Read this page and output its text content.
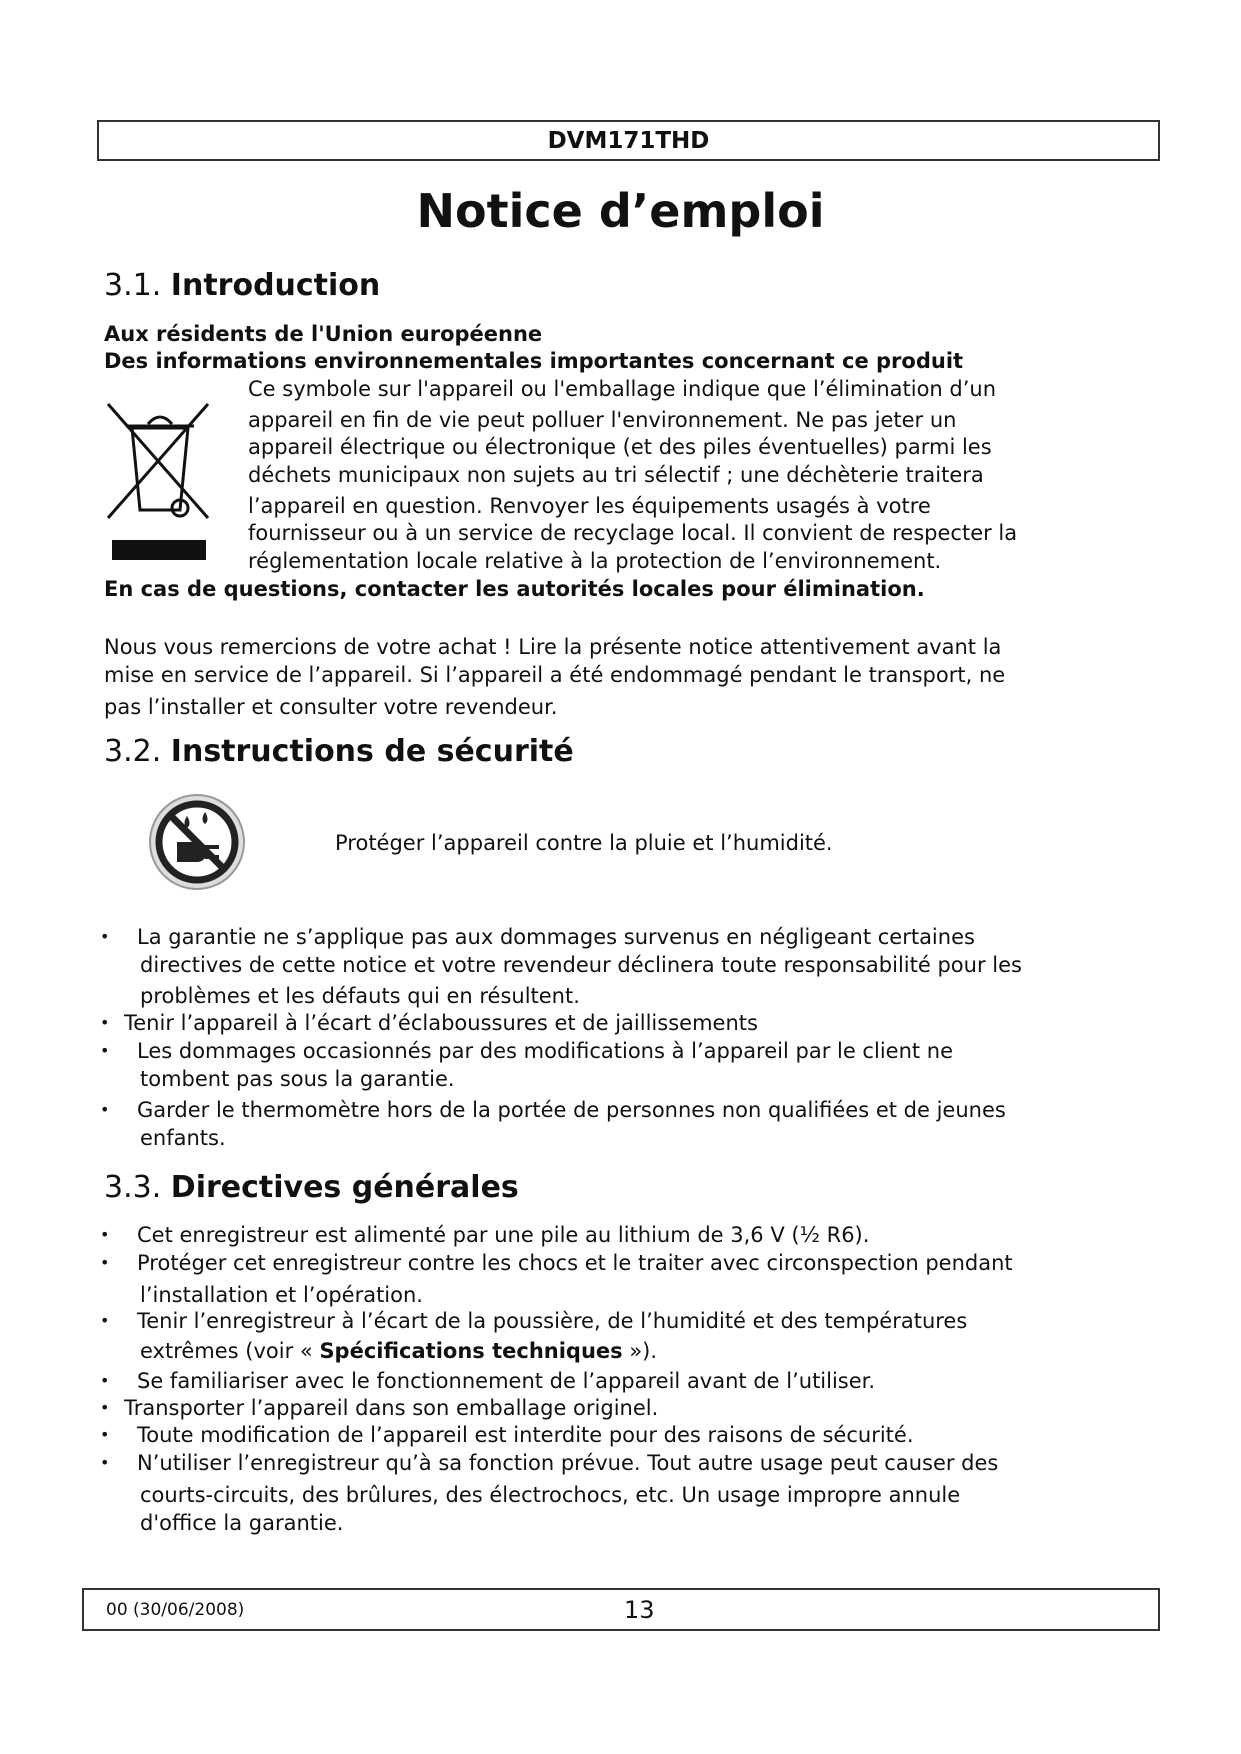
DVM171THD
Notice d’emploi
3.1. Introduction
Aux résidents de l'Union européenne
Des informations environnementales importantes concernant ce produit
Ce symbole sur l'appareil ou l'emballage indique que l’élimination d’un
appareil en fin de vie peut polluer l'environnement. Ne pas jeter un
appareil électrique ou électronique (et des piles éventuelles) parmi les
déchets municipaux non sujets au tri sélectif ; une déchèterie traitera
l’appareil en question. Renvoyer les équipements usagés à votre
fournisseur ou à un service de recyclage local. Il convient de respecter la
réglementation locale relative à la protection de l’environnement.
En cas de questions, contacter les autorités locales pour élimination.
Nous vous remercions de votre achat ! Lire la présente notice attentivement avant la
mise en service de l’appareil. Si l’appareil a été endommagé pendant le transport, ne
pas l’installer et consulter votre revendeur.
3.2. Instructions de sécurité
Protéger l’appareil contre la pluie et l’humidité.
• La garantie ne s’applique pas aux dommages survenus en négligeant certaines
directives de cette notice et votre revendeur déclinera toute responsabilité pour les
problèmes et les défauts qui en résultent.
• Tenir l’appareil à l’écart d’éclaboussures et de jaillissements
• Les dommages occasionnés par des modifications à l’appareil par le client ne
tombent pas sous la garantie.
• Garder le thermomètre hors de la portée de personnes non qualifiées et de jeunes
enfants.
3.3. Directives générales
• Cet enregistreur est alimenté par une pile au lithium de 3,6 V (½ R6).
• Protéger cet enregistreur contre les chocs et le traiter avec circonspection pendant
l’installation et l’opération.
• Tenir l’enregistreur à l’écart de la poussière, de l’humidité et des températures
extrêmes (voir « Spécifications techniques »).
• Se familiariser avec le fonctionnement de l’appareil avant de l’utiliser.
• Transporter l’appareil dans son emballage originel.
• Toute modification de l’appareil est interdite pour des raisons de sécurité.
• N’utiliser l’enregistreur qu’à sa fonction prévue. Tout autre usage peut causer des
courts-circuits, des brûlures, des électrochocs, etc. Un usage impropre annule
d'office la garantie.
00 (30/06/2008)	13
